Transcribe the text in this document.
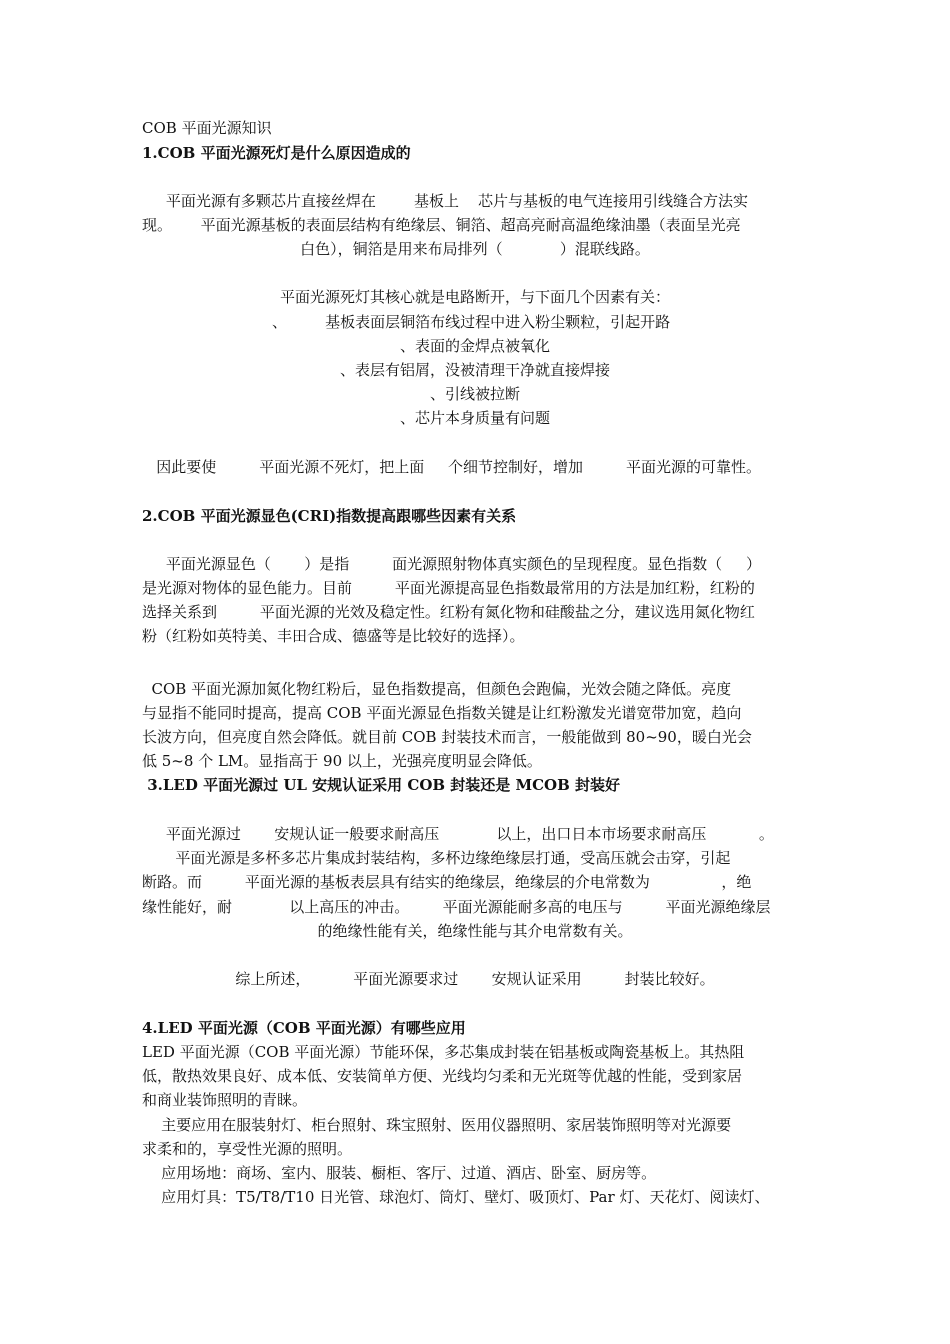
COB 平面光源知识
1.COB 平面光源死灯是什么原因造成的
平面光源有多颗芯片直接丝焊在        基板上    芯片与基板的电气连接用引线缝合方法实
现。      平面光源基板的表面层结构有绝缘层、铜箔、超高亮耐高温绝缘油墨（表面呈光亮
白色），铜箔是用来布局排列（            ）混联线路。
平面光源死灯其核心就是电路断开，与下面几个因素有关：
、        基板表面层铜箔布线过程中进入粉尘颗粒，引起开路
、表面的金焊点被氧化
、表层有铝屑，没被清理干净就直接焊接
、引线被拉断
、芯片本身质量有问题
因此要使         平面光源不死灯，把上面     个细节控制好，增加         平面光源的可靠性。
2.COB 平面光源显色(CRI)指数提高跟哪些因素有关系
平面光源显色（       ）是指         面光源照射物体真实颜色的呈现程度。显色指数（     ）
是光源对物体的显色能力。目前         平面光源提高显色指数最常用的方法是加红粉，红粉的
选择关系到         平面光源的光效及稳定性。红粉有氮化物和硅酸盐之分，建议选用氮化物红
粉（红粉如英特美、丰田合成、德盛等是比较好的选择）。
COB 平面光源加氮化物红粉后，显色指数提高，但颜色会跑偏，光效会随之降低。亮度
与显指不能同时提高，提高 COB 平面光源显色指数关键是让红粉激发光谱宽带加宽，趋向
长波方向，但亮度自然会降低。就目前 COB 封装技术而言，一般能做到 80~90，暖白光会
低 5~8 个 LM。显指高于 90 以上，光强亮度明显会降低。
3.LED 平面光源过 UL 安规认证采用 COB 封装还是 MCOB 封装好
平面光源过       安规认证一般要求耐高压            以上，出口日本市场要求耐高压           。
平面光源是多杯多芯片集成封装结构，多杯边缘绝缘层打通，受高压就会击穿，引起
断路。而         平面光源的基板表层具有结实的绝缘层，绝缘层的介电常数为               ，绝
缘性能好，耐            以上高压的冲击。       平面光源能耐多高的电压与         平面光源绝缘层
的绝缘性能有关，绝缘性能与其介电常数有关。
综上所述，         平面光源要求过       安规认证采用         封装比较好。
4.LED 平面光源（COB 平面光源）有哪些应用
LED 平面光源（COB 平面光源）节能环保，多芯集成封装在铝基板或陶瓷基板上。其热阻
低，散热效果良好、成本低、安装简单方便、光线均匀柔和无光斑等优越的性能，受到家居
和商业装饰照明的青睐。
主要应用在服装射灯、柜台照射、珠宝照射、医用仪器照明、家居装饰照明等对光源要
求柔和的，享受性光源的照明。
应用场地：商场、室内、服装、橱柜、客厅、过道、酒店、卧室、厨房等。
应用灯具：T5/T8/T10 日光管、球泡灯、筒灯、壁灯、吸顶灯、Par 灯、天花灯、阅读灯、
